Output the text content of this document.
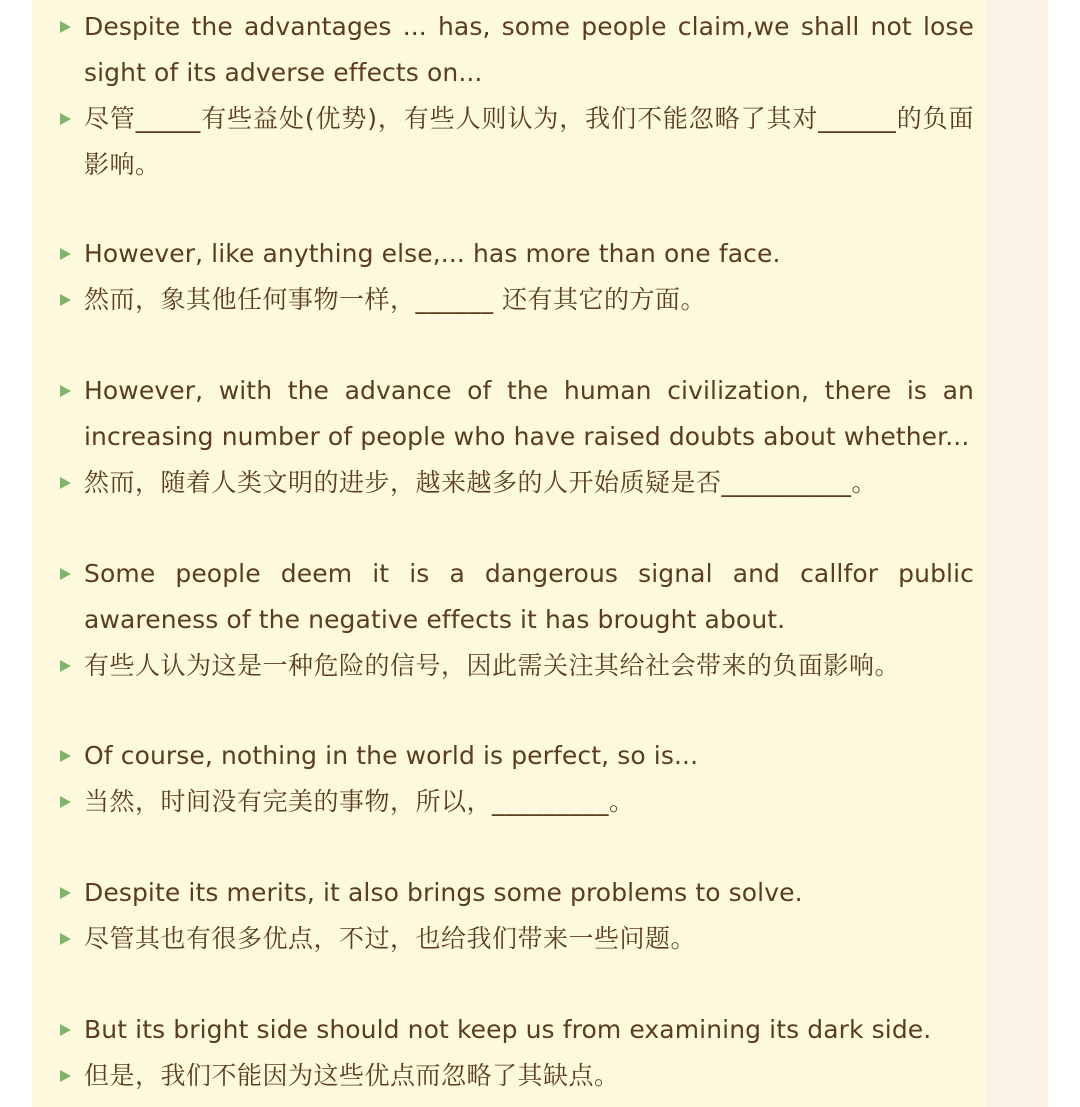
Despite the advantages ... has, some people claim,we shall not lose sight of its adverse effects on...
尽管_____有些益处(优势)，有些人则认为，我们不能忽略了其对______的负面影响。
However, like anything else,... has more than one face.
然而，象其他任何事物一样，______ 还有其它的方面。
However, with the advance of the human civilization, there is an increasing number of people who have raised doubts about whether...
然而，随着人类文明的进步，越来越多的人开始质疑是否__________。
Some people deem it is a dangerous signal and callfor public awareness of the negative effects it has brought about.
有些人认为这是一种危险的信号，因此需关注其给社会带来的负面影响。
Of course, nothing in the world is perfect, so is...
当然，时间没有完美的事物，所以，_________。
Despite its merits, it also brings some problems to solve.
尽管其也有很多优点，不过，也给我们带来一些问题。
But its bright side should not keep us from examining its dark side.
但是，我们不能因为这些优点而忽略了其缺点。
